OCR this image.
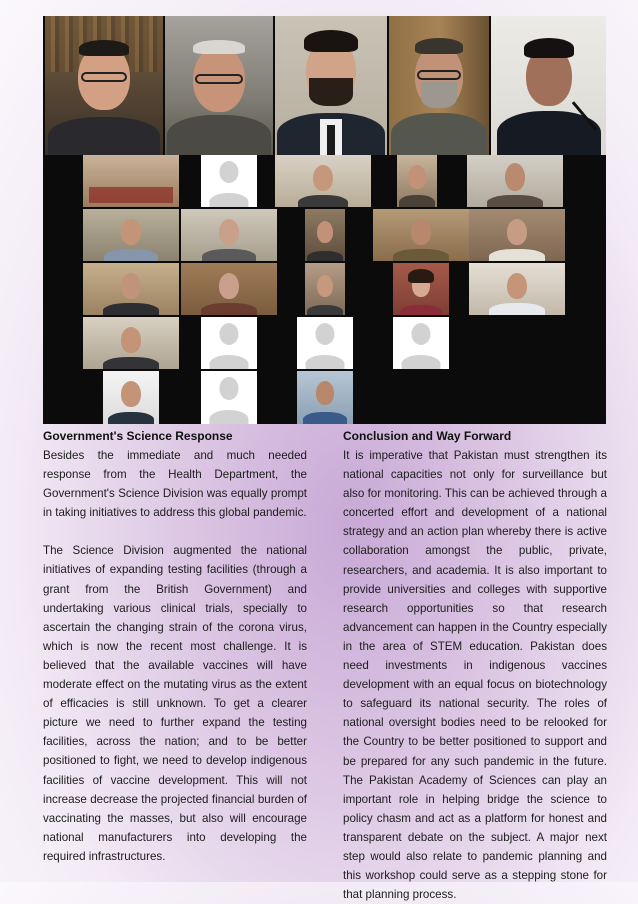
Government's Science Response

Besides the immediate and much needed response from the Health Department, the Government's Science Division was equally prompt in taking initiatives to address this global pandemic.

The Science Division augmented the national initiatives of expanding testing facilities (through a grant from the British Government) and undertaking various clinical trials, specially to ascertain the changing strain of the corona virus, which is now the recent most challenge. It is believed that the available vaccines will have moderate effect on the mutating virus as the extent of efficacies is still unknown. To get a clearer picture we need to further expand the testing facilities, across the nation; and to be better positioned to fight, we need to develop indigenous facilities of vaccine development. This will not increase decrease the projected financial burden of vaccinating the masses, but also will encourage national manufacturers into developing the required infrastructures.

Conclusion and Way Forward

It is imperative that Pakistan must strengthen its national capacities not only for surveillance but also for monitoring. This can be achieved through a concerted effort and development of a national strategy and an action plan whereby there is active collaboration amongst the public, private, researchers, and academia. It is also important to provide universities and colleges with supportive research opportunities so that research advancement can happen in the Country especially in the area of STEM education. Pakistan does need investments in indigenous vaccines development with an equal focus on biotechnology to safeguard its national security. The roles of national oversight bodies need to be relooked for the Country to be better positioned to support and be prepared for any such pandemic in the future. The Pakistan Academy of Sciences can play an important role in helping bridge the science to policy chasm and act as a platform for honest and transparent debate on the subject. A major next step would also relate to pandemic planning and this workshop could serve as a stepping stone for that planning process.
